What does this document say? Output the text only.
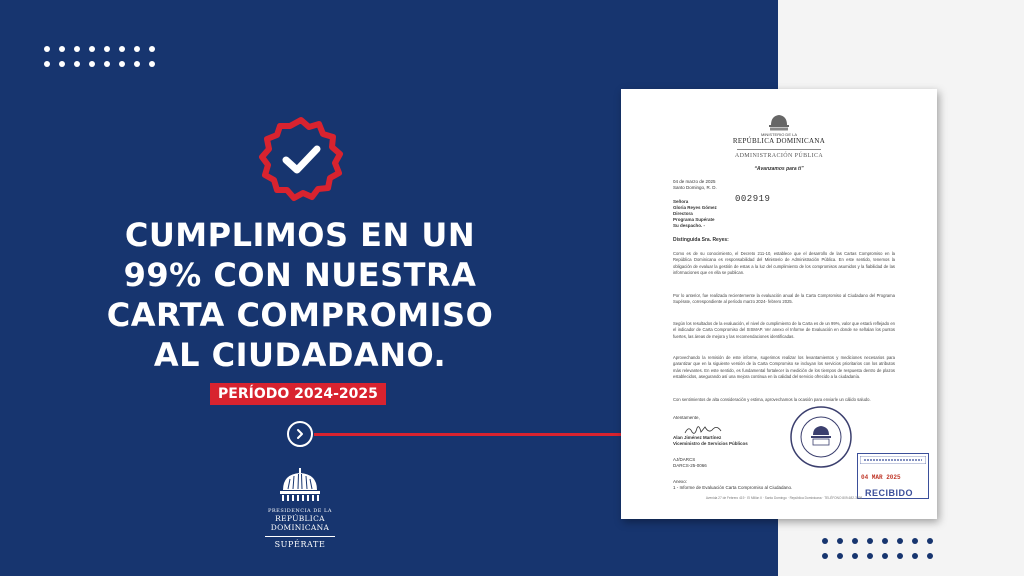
CUMPLIMOS EN UN
99% CON NUESTRA
CARTA COMPROMISO
AL CIUDADANO.
PERÍODO 2024-2025
PRESIDENCIA DE LA
REPÚBLICA DOMINICANA
SUPÉRATE
MINISTERIO DE LA
REPÚBLICA DOMINICANA
ADMINISTRACIÓN PÚBLICA
“Avanzamos para ti”
04 de marzo de 2025
Santo Domingo, R. D.
002919
Señora
Gloria Reyes Gómez
Directora
Programa Supérate
Su despacho. -
Distinguida Sra. Reyes:
Como es de su conocimiento, el Decreto 211-10, establece que el desarrollo de las Cartas Compromiso en la República Dominicana es responsabilidad del Ministerio de Administración Pública. En este sentido, tenemos la obligación de evaluar la gestión de estas a la luz del cumplimiento de los compromisos asumidos y la fiabilidad de las informaciones que en ella se publican.
Por lo anterior, fue realizada recientemente la evaluación anual de la Carta Compromiso al Ciudadano del Programa Supérate, correspondiente al período marzo 2024- febrero 2025.
Según los resultados de la evaluación, el nivel de cumplimiento de la Carta es de un 99%, valor que estará reflejado en el indicador de Carta Compromiso del SISMAP. Ver anexo el Informe de Evaluación en donde se señalan los puntos fuertes, las áreas de mejora y las recomendaciones identificadas.
Aprovechando la remisión de este informe, sugerimos realizar los levantamientos y mediciones necesarios para garantizar que en la siguiente versión de la Carta Compromiso se incluyan los servicios prioritarios con los atributos más relevantes. En este sentido, es fundamental fortalecer la medición de los tiempos de respuesta dentro de plazos establecidos, asegurando así una mejora continua en la calidad del servicio ofrecido a la ciudadanía.
Con sentimientos de alta consideración y estima, aprovechamos la ocasión para enviarle un cálido saludo.
Atentamente,
Alan Jiménez Martínez
Viceministro de Servicios Públicos
AJ/DARCS
DARCS-25-0066
Anexo:
1 - Informe de Evaluación Carta Compromiso al Ciudadano.
04 MAR 2025
RECIBIDO
Avenida 27 de Febrero 419 · El Millón II · Santo Domingo · República Dominicana · TELÉFONO 809-682-3298
